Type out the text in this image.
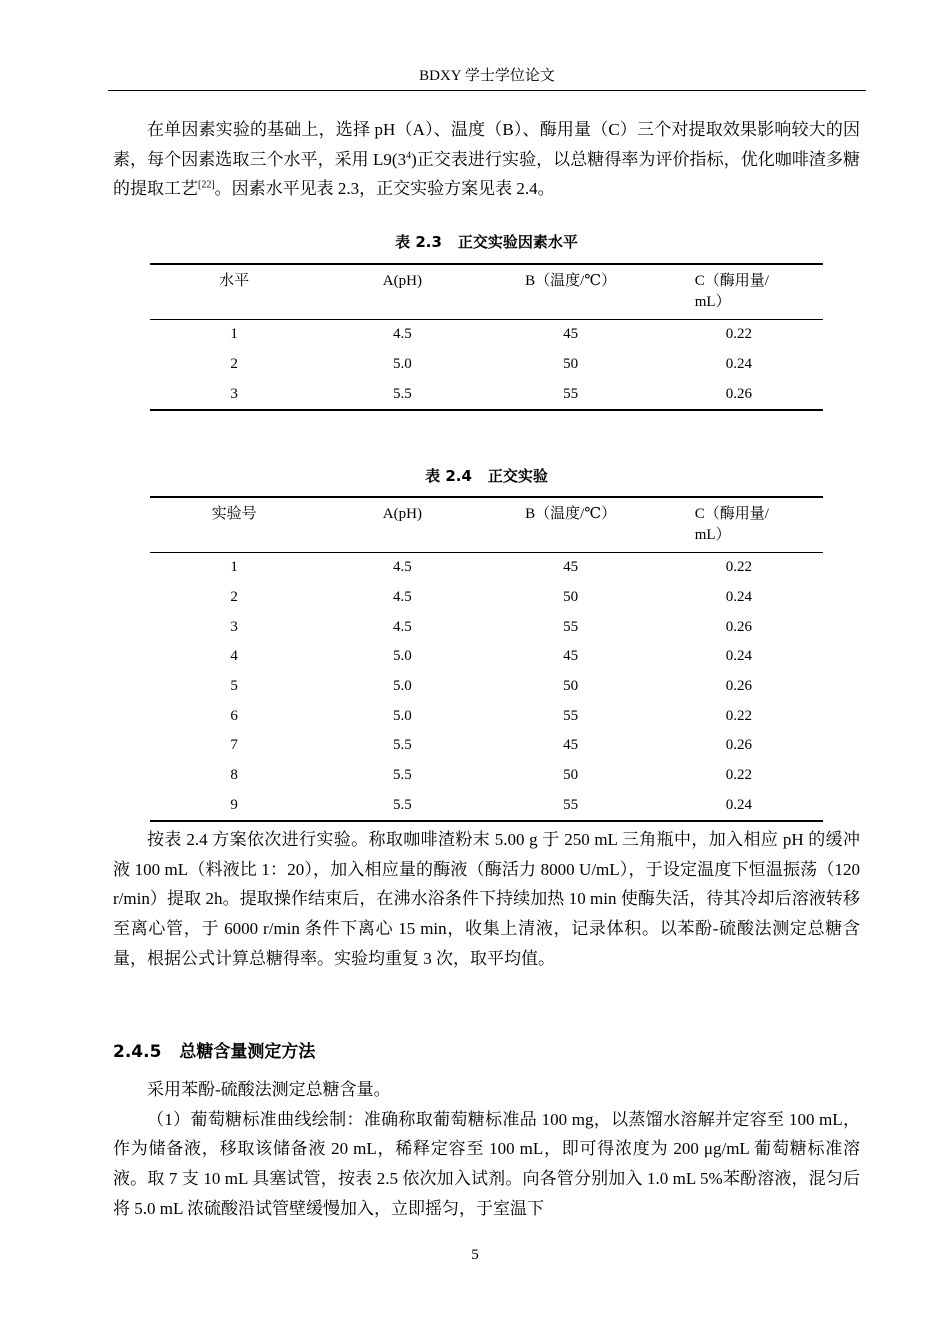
BDXY 学士学位论文

在单因素实验的基础上，选择 pH（A）、温度（B）、酶用量（C）三个对提取效果影响较大的因素，每个因素选取三个水平，采用 $L9(3^4)$正交表进行实验，以总糖得率为评价指标，优化咖啡渣多糖的提取工艺[22]。因素水平见表 2.3，正交实验方案见表 2.4。

表 2.3 正交实验因素水平
水平	A(pH)	B（温度/℃）	C（酶用量/
mL）
1	4.5	45	0.22
2	5.0	50	0.24
3	5.5	55	0.26
表 2.4 正交实验
实验号	A(pH)	B（温度/℃）	C（酶用量/
mL）
1	4.5	45	0.22
2	4.5	50	0.24
3	4.5	55	0.26
4	5.0	45	0.24
5	5.0	50	0.26
6	5.0	55	0.22
7	5.5	45	0.26
8	5.5	50	0.22
9	5.5	55	0.24

按表 2.4 方案依次进行实验。称取咖啡渣粉末 5.00 g 于 250 mL 三角瓶中，加入相应 pH 的缓冲液 100 mL（料液比 1：20），加入相应量的酶液（酶活力 8000 U/mL），于设定温度下恒温振荡（120 r/min）提取 2h。提取操作结束后，在沸水浴条件下持续加热 10 min 使酶失活，待其冷却后溶液转移至离心管，于 6000 r/min 条件下离心 15 min，收集上清液，记录体积。以苯酚-硫酸法测定总糖含量，根据公式计算总糖得率。实验均重复 3 次，取平均值。

2.4.5 总糖含量测定方法

采用苯酚-硫酸法测定总糖含量。

（1）葡萄糖标准曲线绘制：准确称取葡萄糖标准品 100 mg，以蒸馏水溶解并定容至 100 mL，作为储备液，移取该储备液 20 mL，稀释定容至 100 mL，即可得浓度为 200 μg/mL 葡萄糖标准溶液。取 7 支 10 mL 具塞试管，按表 2.5 依次加入试剂。向各管分别加入 1.0 mL 5%苯酚溶液，混匀后将 5.0 mL 浓硫酸沿试管壁缓慢加入，立即摇匀，于室温下

5
